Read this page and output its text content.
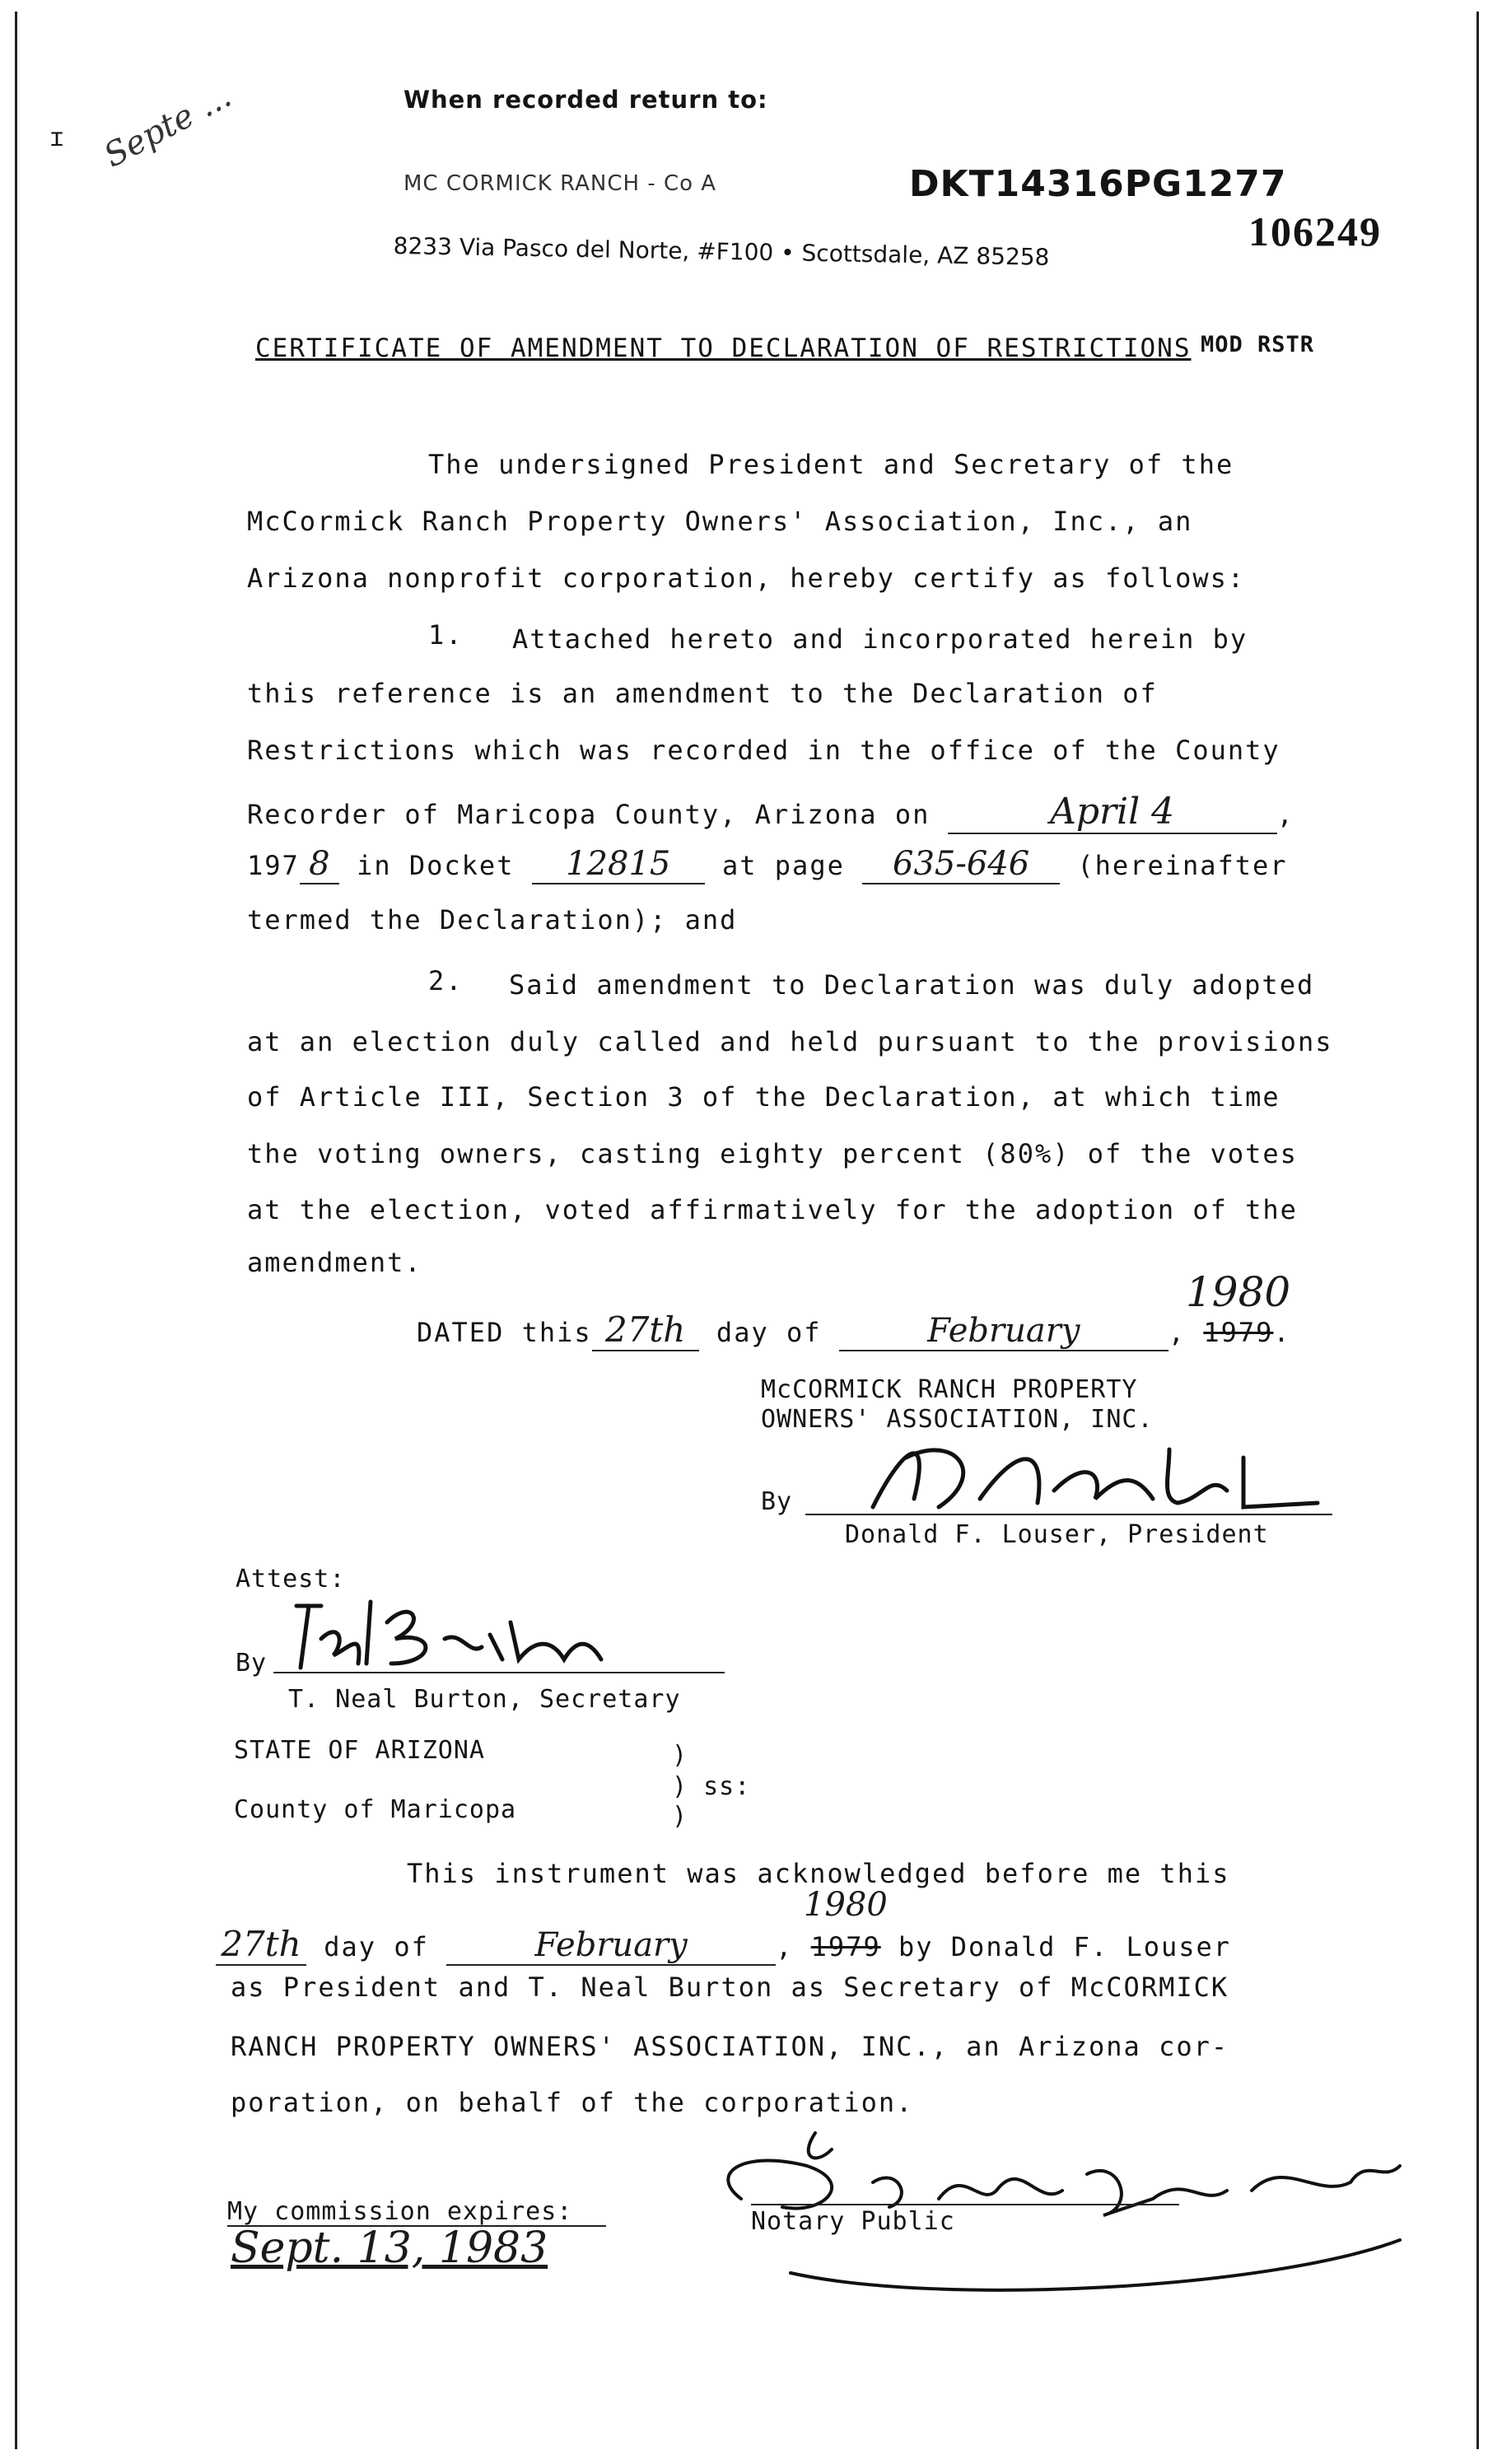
Septe ...
ɪ
When recorded return to:
MC CORMICK RANCH - Co A
8233 Via Pasco del Norte, #F100 • Scottsdale, AZ 85258
DKT14316PG1277
106249
CERTIFICATE OF AMENDMENT TO DECLARATION OF RESTRICTIONS MOD RSTR
The undersigned President and Secretary of the
McCormick Ranch Property Owners' Association, Inc., an
Arizona nonprofit corporation, hereby certify as follows:
1. Attached hereto and incorporated herein by
this reference is an amendment to the Declaration of
Restrictions which was recorded in the office of the County
Recorder of Maricopa County, Arizona on	April 4	,
197 8 in Docket 12815 at page 635-646 (hereinafter
termed the Declaration); and
2. Said amendment to Declaration was duly adopted
at an election duly called and held pursuant to the provisions
of Article III, Section 3 of the Declaration, at which time
the voting owners, casting eighty percent (80%) of the votes
at the election, voted affirmatively for the adoption of the
amendment.
DATED this 27th day of	February	, 1979.
1980
McCORMICK RANCH PROPERTY
OWNERS' ASSOCIATION, INC.
By
Donald F. Louser, President
Attest:
By
T. Neal Burton, Secretary
STATE OF ARIZONA
County of Maricopa
)
) ss:
)
This instrument was acknowledged before me this
27th day of	February	, 1979 by Donald F. Louser
1980
as President and T. Neal Burton as Secretary of McCORMICK
RANCH PROPERTY OWNERS' ASSOCIATION, INC., an Arizona cor-
poration, on behalf of the corporation.
Notary Public
My commission expires:
Sept. 13, 1983
